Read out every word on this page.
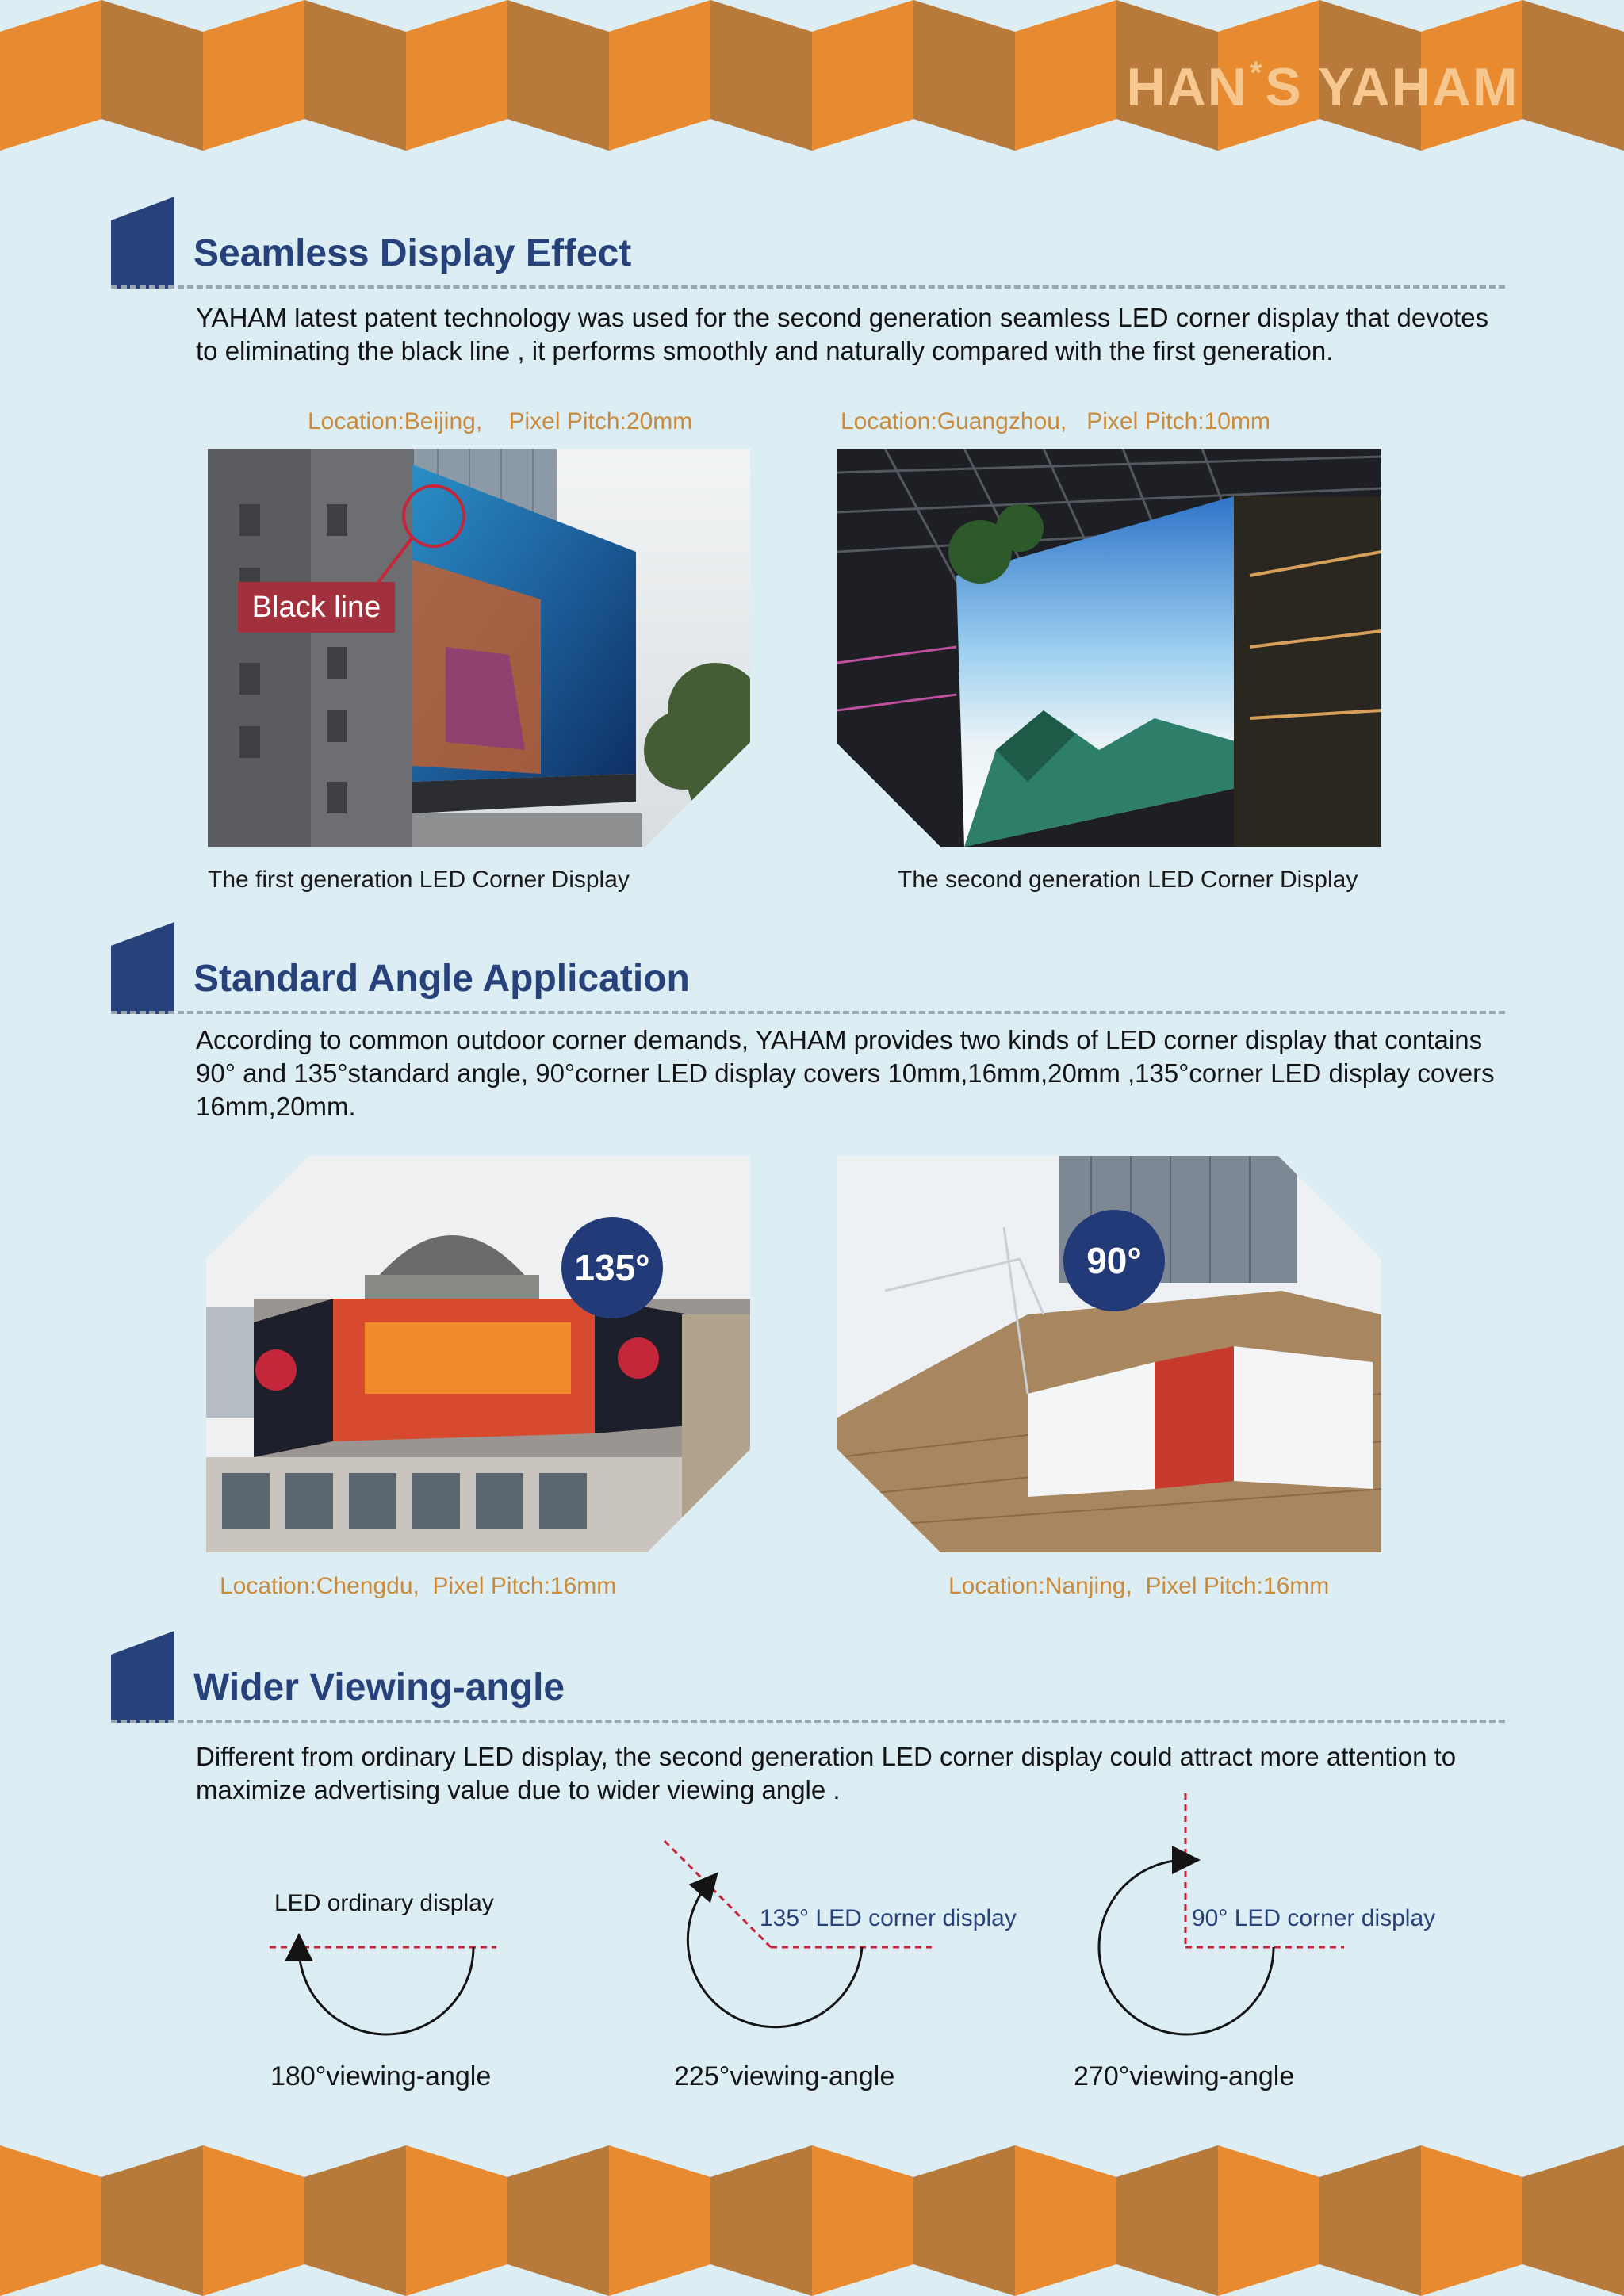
HAN*S YAHAM
Seamless Display Effect
YAHAM latest patent technology was used for the second generation seamless LED corner display that devotes to eliminating the black line , it performs smoothly and naturally compared with the first generation.
Location:Beijing,    Pixel Pitch:20mm	Location:Guangzhou,   Pixel Pitch:10mm
Black line
The first generation LED Corner Display	The second generation LED Corner Display
Standard Angle Application
According to common outdoor corner demands, YAHAM provides two kinds of LED corner display that contains 90° and 135°standard angle, 90°corner LED display covers 10mm,16mm,20mm ,135°corner LED display covers 16mm,20mm.
135°	90°
Location:Chengdu,  Pixel Pitch:16mm	Location:Nanjing,  Pixel Pitch:16mm
Wider Viewing-angle
Different from ordinary LED display, the second generation LED corner display could attract more attention to maximize advertising value due to wider viewing angle .
LED ordinary display
135° LED corner display	90° LED corner display
180°viewing-angle	225°viewing-angle	270°viewing-angle
